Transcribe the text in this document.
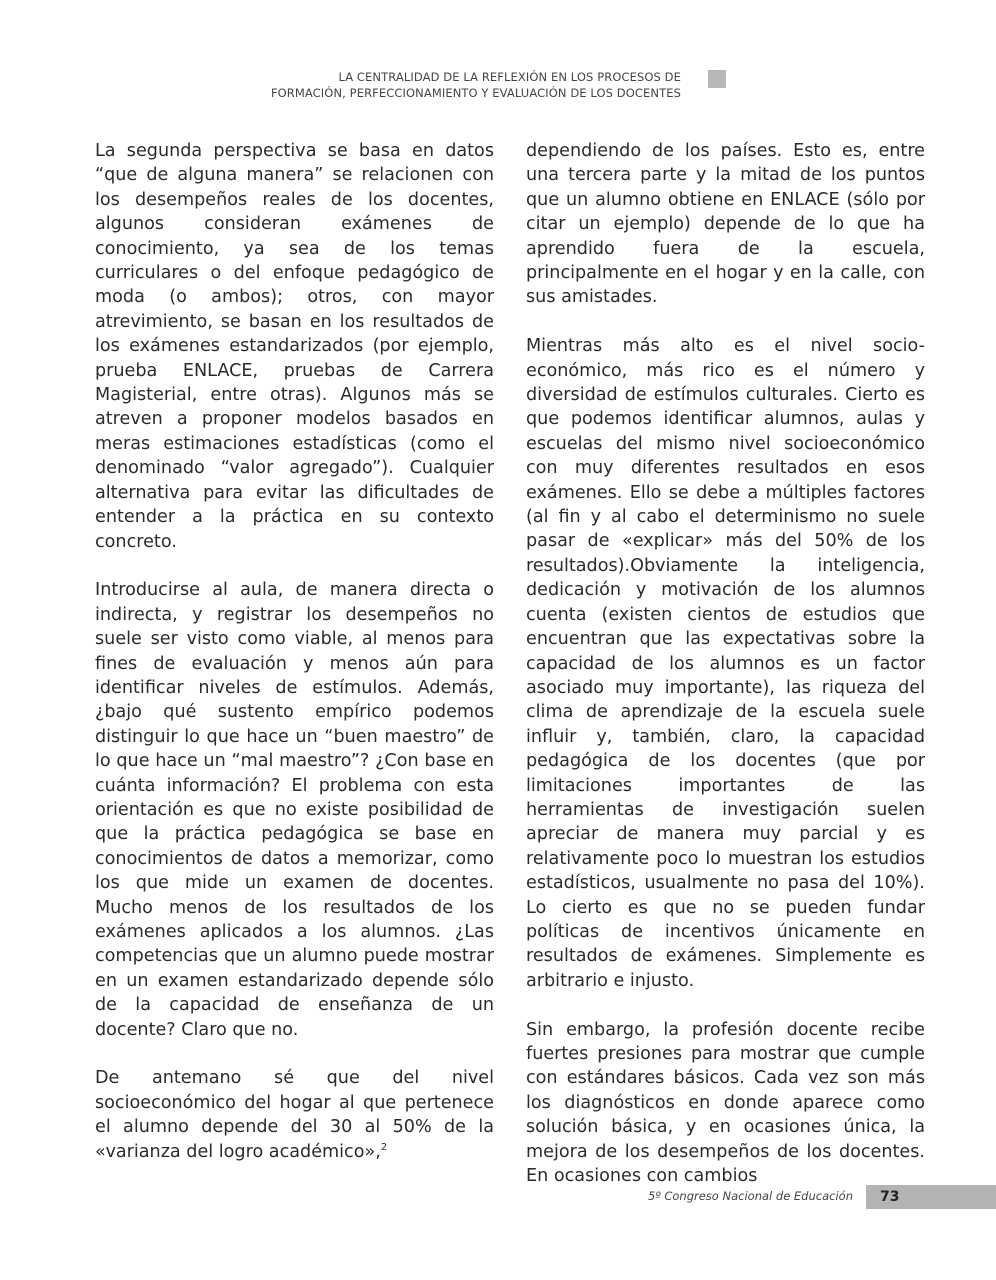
LA CENTRALIDAD DE LA REFLEXIÓN EN LOS PROCESOS DE
FORMACIÓN, PERFECCIONAMIENTO Y EVALUACIÓN DE LOS DOCENTES

La segunda perspectiva se basa en datos “que de alguna manera” se relacionen con los desempeños reales de los docentes, algunos consideran exámenes de conocimiento, ya sea de los temas curriculares o del enfoque pedagógico de moda (o ambos); otros, con mayor atrevimiento, se basan en los resultados de los exámenes estandarizados (por ejemplo, prueba ENLACE, pruebas de Carrera Magisterial, entre otras). Algunos más se atreven a proponer modelos basados en meras estimaciones estadísticas (como el denominado “valor agregado”). Cualquier alternativa para evitar las dificultades de entender a la práctica en su contexto concreto.

Introducirse al aula, de manera directa o indirecta, y registrar los desempeños no suele ser visto como viable, al menos para fines de evaluación y menos aún para identificar niveles de estímulos. Además, ¿bajo qué sustento empírico podemos distinguir lo que hace un “buen maestro” de lo que hace un “mal maestro”? ¿Con base en cuánta información? El problema con esta orientación es que no existe posibilidad de que la práctica pedagógica se base en conocimientos de datos a memorizar, como los que mide un examen de docentes. Mucho menos de los resultados de los exámenes aplicados a los alumnos. ¿Las competencias que un alumno puede mostrar en un examen estandarizado depende sólo de la capacidad de enseñanza de un docente? Claro que no.

De antemano sé que del nivel socioeconómico del hogar al que pertenece el alumno depende del 30 al 50% de la «varianza del logro académico»,$^2$

dependiendo de los países. Esto es, entre una tercera parte y la mitad de los puntos que un alumno obtiene en ENLACE (sólo por citar un ejemplo) depende de lo que ha aprendido fuera de la escuela, principalmente en el hogar y en la calle, con sus amistades.

Mientras más alto es el nivel socio-económico, más rico es el número y diversidad de estímulos culturales. Cierto es que podemos identificar alumnos, aulas y escuelas del mismo nivel socioeconómico con muy diferentes resultados en esos exámenes. Ello se debe a múltiples factores (al fin y al cabo el determinismo no suele pasar de «explicar» más del 50% de los resultados).Obviamente la inteligencia, dedicación y motivación de los alumnos cuenta (existen cientos de estudios que encuentran que las expectativas sobre la capacidad de los alumnos es un factor asociado muy importante), las riqueza del clima de aprendizaje de la escuela suele influir y, también, claro, la capacidad pedagógica de los docentes (que por limitaciones importantes de las herramientas de investigación suelen apreciar de manera muy parcial y es relativamente poco lo muestran los estudios estadísticos, usualmente no pasa del 10%). Lo cierto es que no se pueden fundar políticas de incentivos únicamente en resultados de exámenes. Simplemente es arbitrario e injusto.

Sin embargo, la profesión docente recibe fuertes presiones para mostrar que cumple con estándares básicos. Cada vez son más los diagnósticos en donde aparece como solución básica, y en ocasiones única, la mejora de los desempeños de los docentes. En ocasiones con cambios

5º Congreso Nacional de Educación 73
